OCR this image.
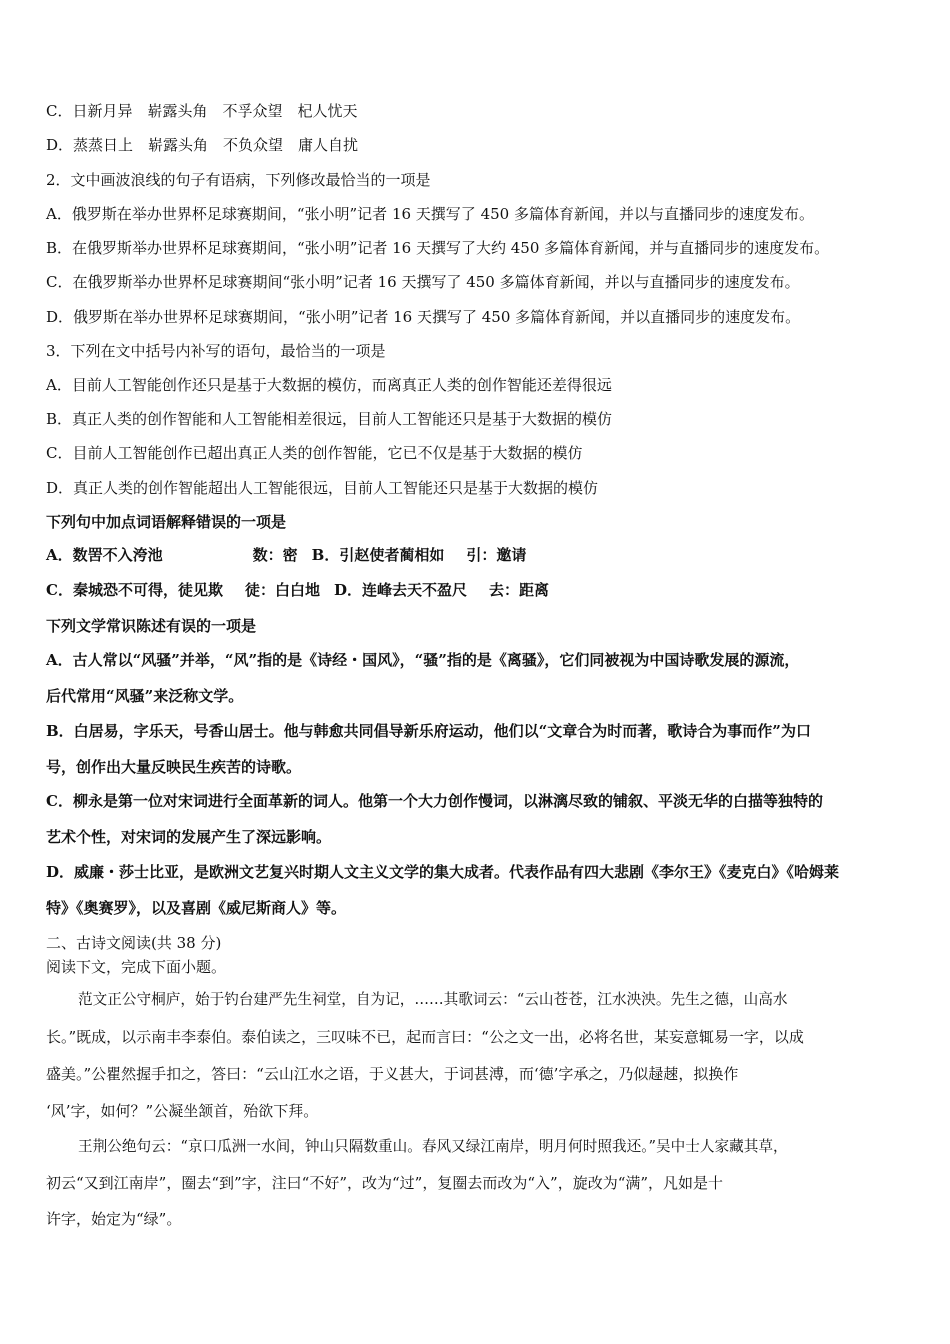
C．日新月异　崭露头角　不孚众望　杞人忧天
D．蒸蒸日上　崭露头角　不负众望　庸人自扰
2．文中画波浪线的句子有语病，下列修改最恰当的一项是
A．俄罗斯在举办世界杯足球赛期间，“张小明”记者 16 天撰写了 450 多篇体育新闻，并以与直播同步的速度发布。
B．在俄罗斯举办世界杯足球赛期间，“张小明”记者 16 天撰写了大约 450 多篇体育新闻，并与直播同步的速度发布。
C．在俄罗斯举办世界杯足球赛期间“张小明”记者 16 天撰写了 450 多篇体育新闻，并以与直播同步的速度发布。
D．俄罗斯在举办世界杯足球赛期间，“张小明”记者 16 天撰写了 450 多篇体育新闻，并以直播同步的速度发布。
3．下列在文中括号内补写的语句，最恰当的一项是
A．目前人工智能创作还只是基于大数据的模仿，而离真正人类的创作智能还差得很远
B．真正人类的创作智能和人工智能相差很远，目前人工智能还只是基于大数据的模仿
C．目前人工智能创作已超出真正人类的创作智能，它已不仅是基于大数据的模仿
D．真正人类的创作智能超出人工智能很远，目前人工智能还只是基于大数据的模仿
下列句中加点词语解释错误的一项是
A．数罟不入洿池	数：密 B．引赵使者蔺相如 引：邀请
C．秦城恐不可得，徒见欺 徒：白白地 D．连峰去天不盈尺 去：距离
下列文学常识陈述有误的一项是
A．古人常以“风骚”并举，“风”指的是《诗经・国风》，“骚”指的是《离骚》，它们同被视为中国诗歌发展的源流，
后代常用“风骚”来泛称文学。
B．白居易，字乐天，号香山居士。他与韩愈共同倡导新乐府运动，他们以“文章合为时而著，歌诗合为事而作”为口
号，创作出大量反映民生疾苦的诗歌。
C．柳永是第一位对宋词进行全面革新的词人。他第一个大力创作慢词，以淋漓尽致的铺叙、平淡无华的白描等独特的
艺术个性，对宋词的发展产生了深远影响。
D．威廉・莎士比亚，是欧洲文艺复兴时期人文主义文学的集大成者。代表作品有四大悲剧《李尔王》《麦克白》《哈姆莱
特》《奥赛罗》，以及喜剧《威尼斯商人》等。
二、古诗文阅读(共 38 分)
阅读下文，完成下面小题。
范文正公守桐庐，始于钓台建严先生祠堂，自为记，……其歌词云：“云山苍苍，江水泱泱。先生之德，山高水
长。”既成，以示南丰李泰伯。泰伯读之，三叹味不已，起而言曰：“公之文一出，必将名世，某妄意辄易一字，以成
盛美。”公瞿然握手扣之，答曰：“云山江水之语，于义甚大，于词甚溥，而‘德’字承之，乃似趢趚，拟换作
‘风’字，如何？”公凝坐颔首，殆欲下拜。
王荆公绝句云：“京口瓜洲一水间，钟山只隔数重山。春风又绿江南岸，明月何时照我还。”吴中士人家藏其草，
初云“又到江南岸”，圈去“到”字，注曰“不好”，改为“过”，复圈去而改为“入”，旋改为“满”，凡如是十
许字，始定为“绿”。
